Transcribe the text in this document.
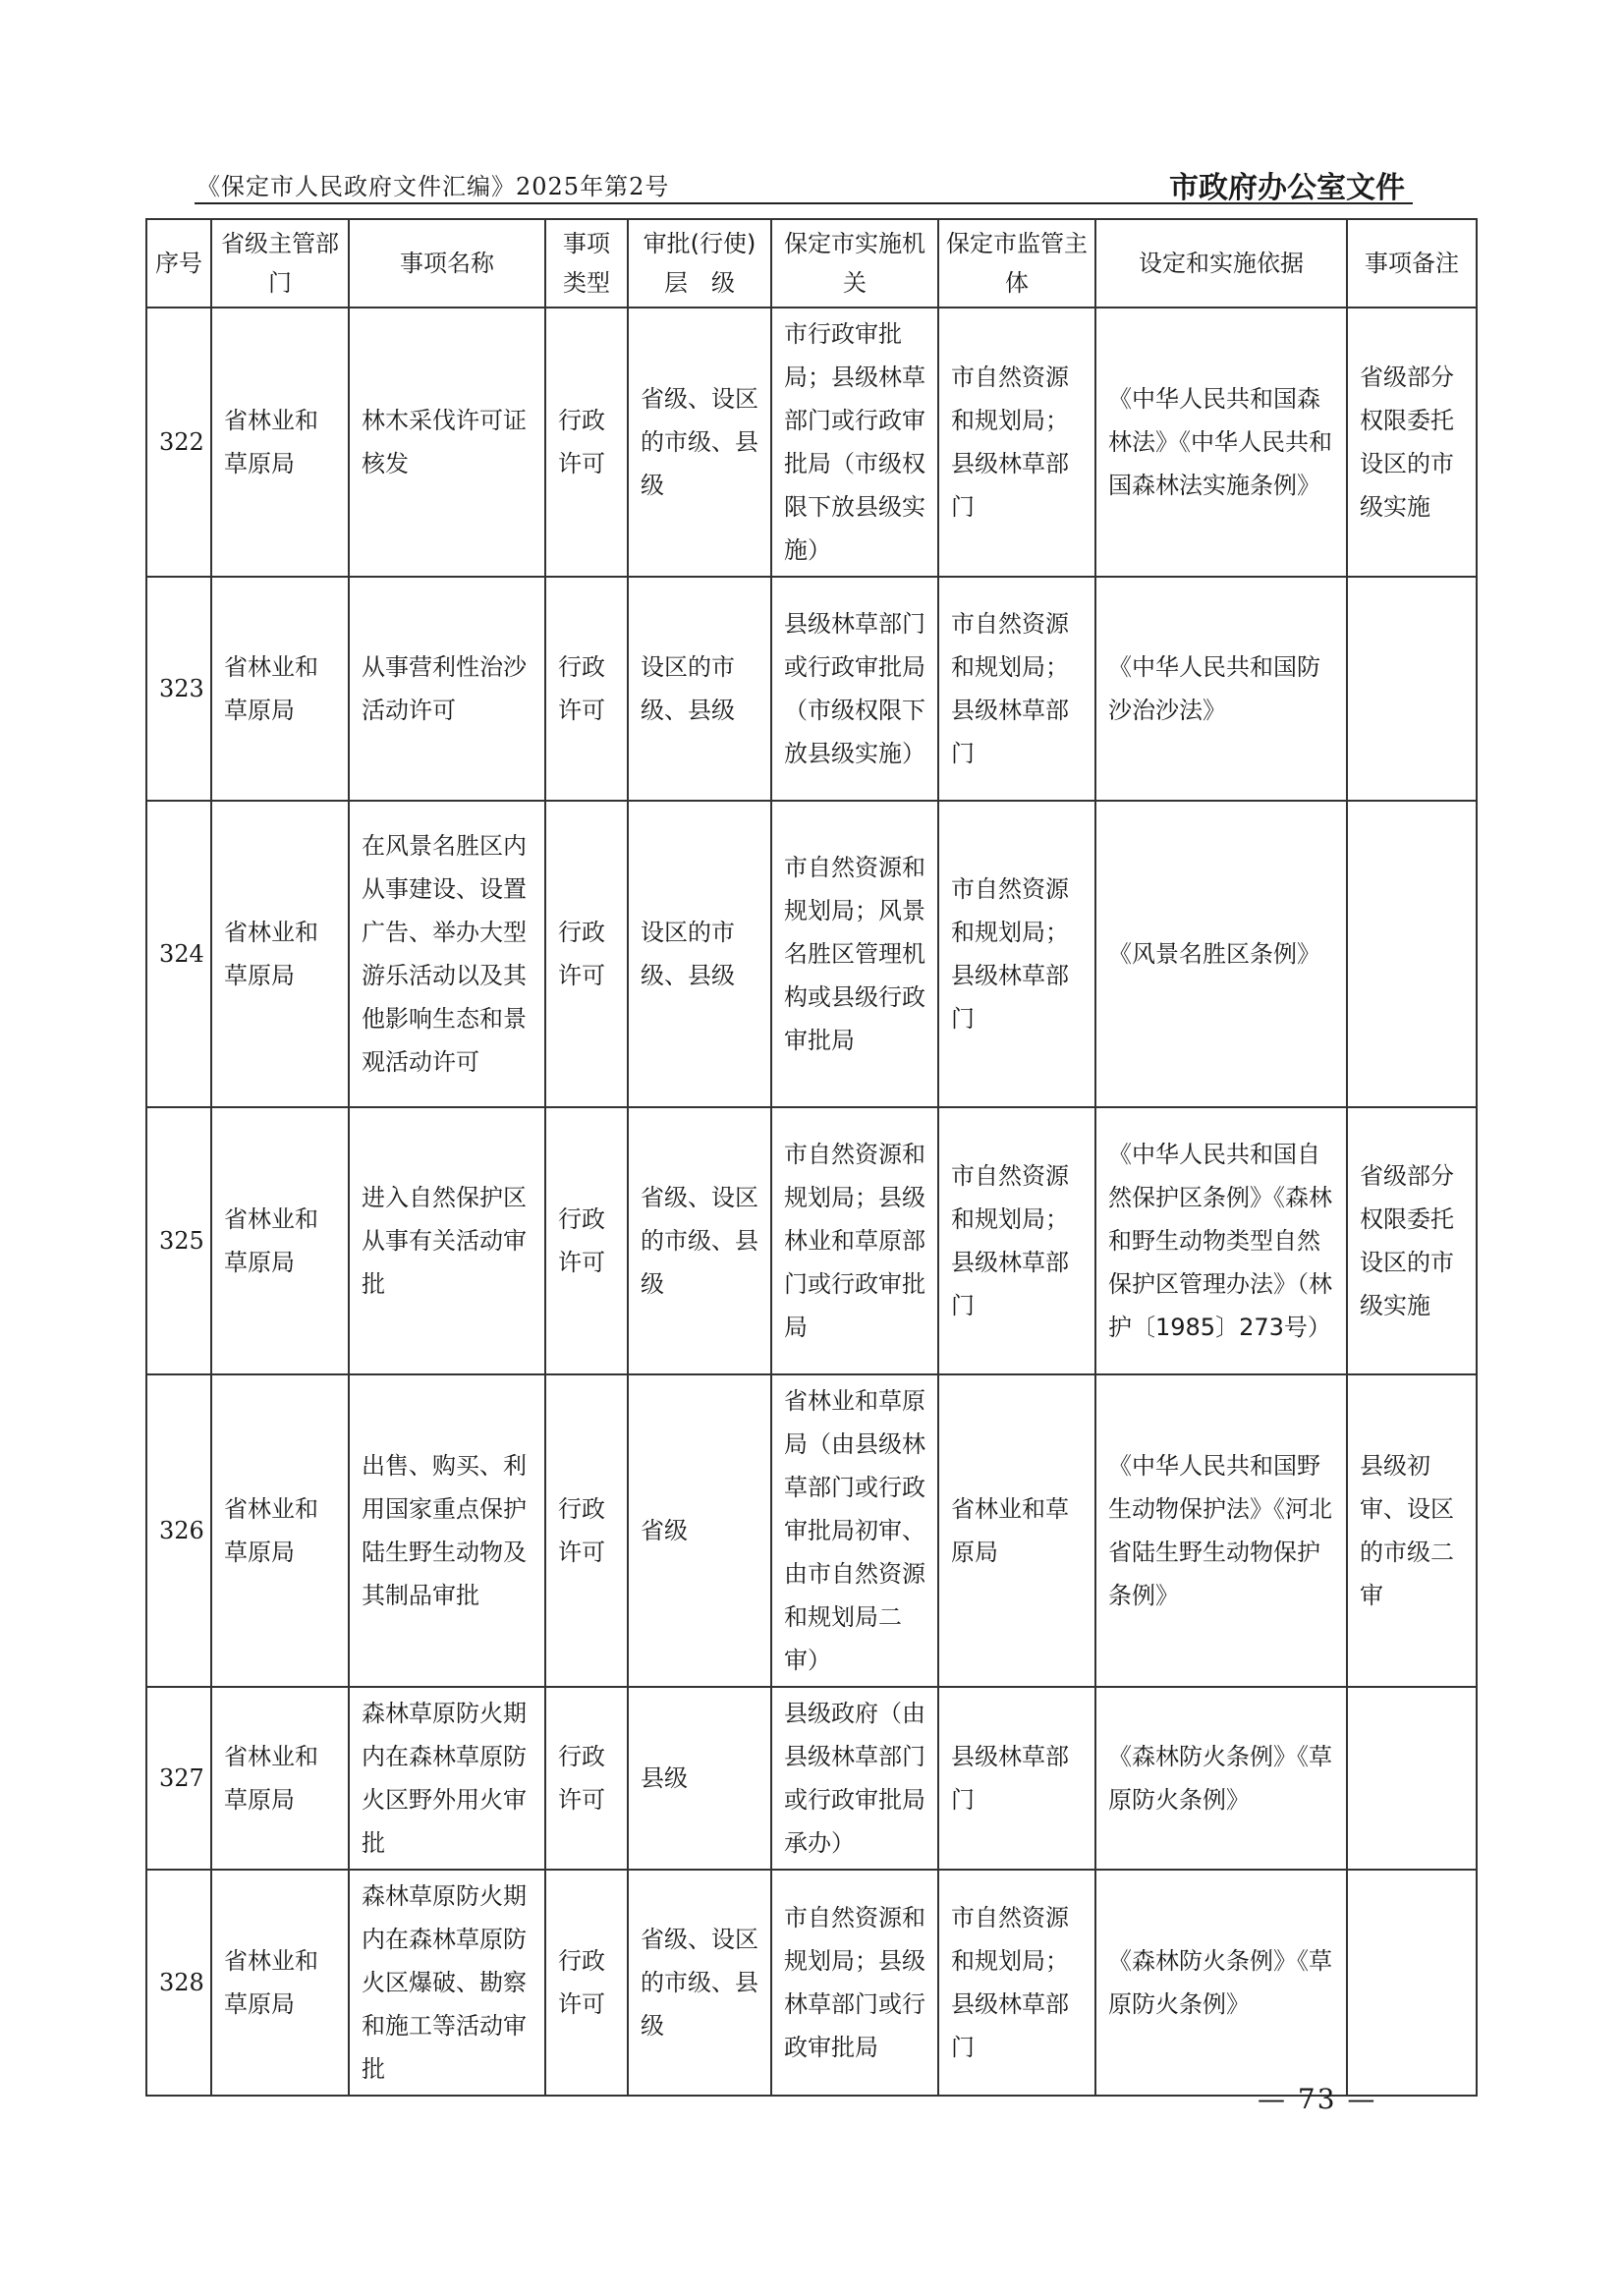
《保定市人民政府文件汇编》2025年第2号	市政府办公室文件
序号	省级主管部　门	事项名称	事项类型	审批(行使)层　级	保定市实施机关	保定市监管主体	设定和实施依据	事项备注
322	省林业和草原局	林木采伐许可证核发	行政许可	省级、设区的市级、县级	市行政审批局；县级林草部门或行政审批局（市级权限下放县级实施）	市自然资源和规划局；县级林草部门	《中华人民共和国森林法》《中华人民共和国森林法实施条例》	省级部分权限委托设区的市级实施
323	省林业和草原局	从事营利性治沙活动许可	行政许可	设区的市级、县级	县级林草部门或行政审批局（市级权限下放县级实施）	市自然资源和规划局；县级林草部门	《中华人民共和国防沙治沙法》	
324	省林业和草原局	在风景名胜区内从事建设、设置广告、举办大型游乐活动以及其他影响生态和景观活动许可	行政许可	设区的市级、县级	市自然资源和规划局；风景名胜区管理机构或县级行政审批局	市自然资源和规划局；县级林草部门	《风景名胜区条例》	
325	省林业和草原局	进入自然保护区从事有关活动审批	行政许可	省级、设区的市级、县级	市自然资源和规划局；县级林业和草原部门或行政审批局	市自然资源和规划局；县级林草部门	《中华人民共和国自然保护区条例》《森林和野生动物类型自然保护区管理办法》（林护〔1985〕273号）	省级部分权限委托设区的市级实施
326	省林业和草原局	出售、购买、利用国家重点保护陆生野生动物及其制品审批	行政许可	省级	省林业和草原局（由县级林草部门或行政审批局初审、由市自然资源和规划局二审）	省林业和草原局	《中华人民共和国野生动物保护法》《河北省陆生野生动物保护条例》	县级初审、设区的市级二审
327	省林业和草原局	森林草原防火期内在森林草原防火区野外用火审批	行政许可	县级	县级政府（由县级林草部门或行政审批局承办）	县级林草部门	《森林防火条例》《草原防火条例》	
328	省林业和草原局	森林草原防火期内在森林草原防火区爆破、勘察和施工等活动审批	行政许可	省级、设区的市级、县级	市自然资源和规划局；县级林草部门或行政审批局	市自然资源和规划局；县级林草部门	《森林防火条例》《草原防火条例》	
— 73 —
